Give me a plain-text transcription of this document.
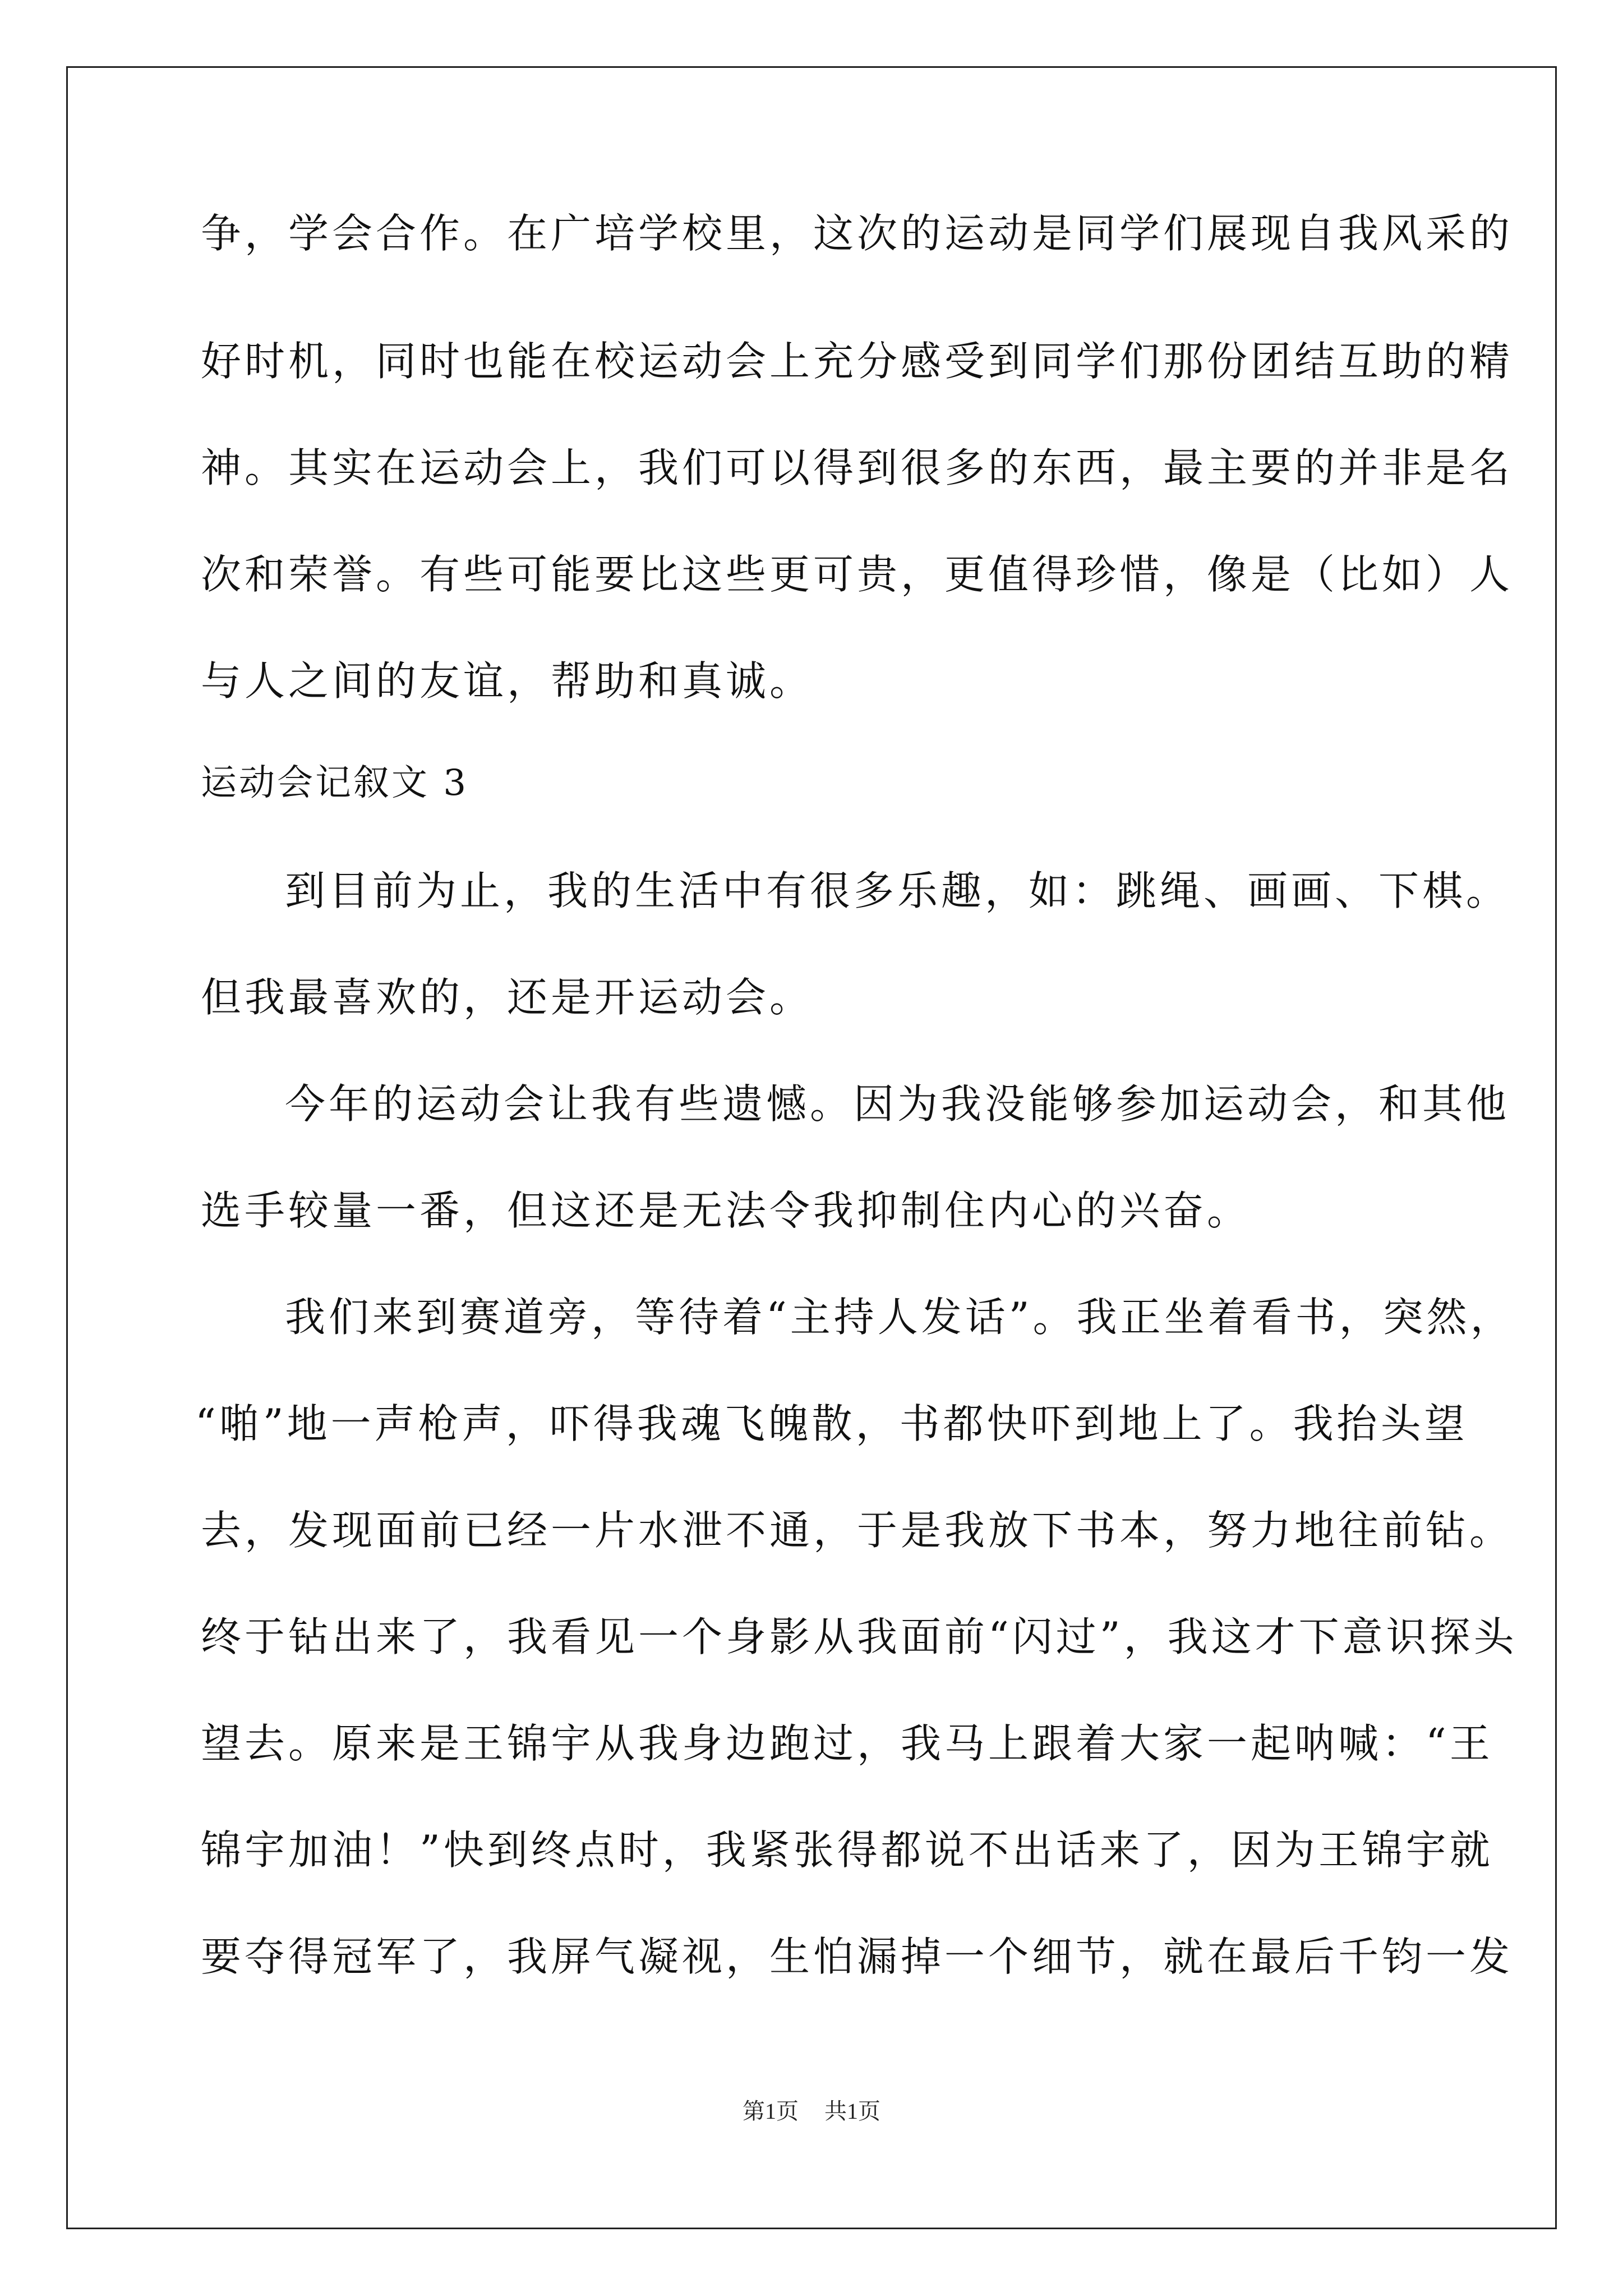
争，学会合作。在广培学校里，这次的运动是同学们展现自我风采的

好时机，同时也能在校运动会上充分感受到同学们那份团结互助的精

神。其实在运动会上，我们可以得到很多的东西，最主要的并非是名

次和荣誉。有些可能要比这些更可贵，更值得珍惜，像是（比如）人

与人之间的友谊，帮助和真诚。

运动会记叙文 3

到目前为止，我的生活中有很多乐趣，如：跳绳、画画、下棋。

但我最喜欢的，还是开运动会。

今年的运动会让我有些遗憾。因为我没能够参加运动会，和其他

选手较量一番，但这还是无法令我抑制住内心的兴奋。

我们来到赛道旁，等待着“主持人发话”。我正坐着看书，突然，

“啪”地一声枪声，吓得我魂飞魄散，书都快吓到地上了。我抬头望

去，发现面前已经一片水泄不通，于是我放下书本，努力地往前钻。

终于钻出来了，我看见一个身影从我面前“闪过”，我这才下意识探头

望去。原来是王锦宇从我身边跑过，我马上跟着大家一起呐喊：“王

锦宇加油！”快到终点时，我紧张得都说不出话来了，因为王锦宇就

要夺得冠军了，我屏气凝视，生怕漏掉一个细节，就在最后千钧一发

第1页 共1页
